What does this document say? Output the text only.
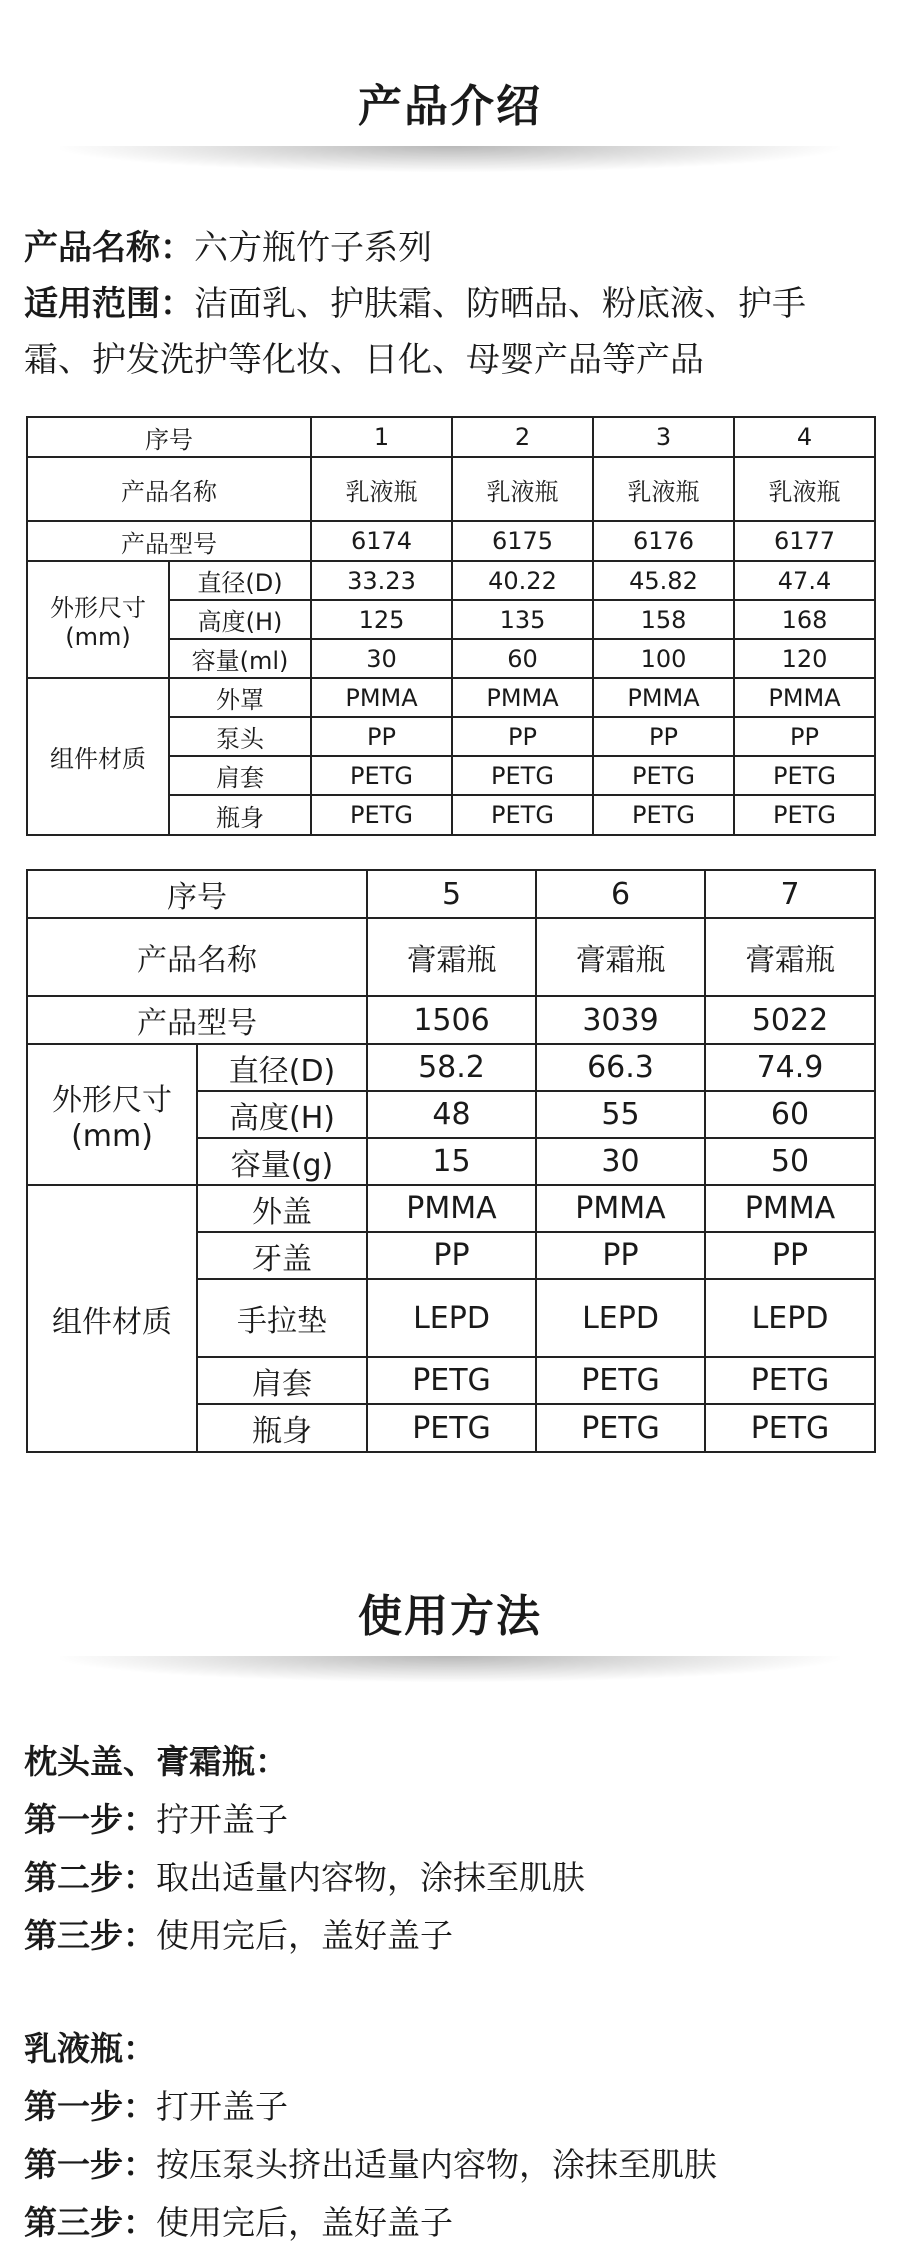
产品介绍
产品名称：六方瓶竹子系列
适用范围：洁面乳、护肤霜、防晒品、粉底液、护手
霜、护发洗护等化妆、日化、母婴产品等产品
序号		1	2	3	4
产品名称		乳液瓶	乳液瓶	乳液瓶	乳液瓶
产品型号		6174	6175	6176	6177

外形尺寸
(mm)	直径(D)	33.23	40.22	45.82	47.4
	高度(H)	125	135	158	168
	容量(ml)	30	60	100	120
组件材质	外罩	PMMA	PMMA	PMMA	PMMA
	泵头	PP	PP	PP	PP
	肩套	PETG	PETG	PETG	PETG
	瓶身	PETG	PETG	PETG	PETG
序号		5	6	7
产品名称		膏霜瓶	膏霜瓶	膏霜瓶
产品型号		1506	3039	5022

外形尺寸
(mm)	直径(D)	58.2	66.3	74.9
	高度(H)	48	55	60
	容量(g)	15	30	50
组件材质	外盖	PMMA	PMMA	PMMA
	牙盖	PP	PP	PP
	手拉垫	LEPD	LEPD	LEPD
	肩套	PETG	PETG	PETG
	瓶身	PETG	PETG	PETG
使用方法
枕头盖、膏霜瓶：
第一步：拧开盖子
第二步：取出适量内容物，涂抹至肌肤
第三步：使用完后，盖好盖子
乳液瓶：
第一步：打开盖子
第一步：按压泵头挤出适量内容物，涂抹至肌肤
第三步：使用完后，盖好盖子
